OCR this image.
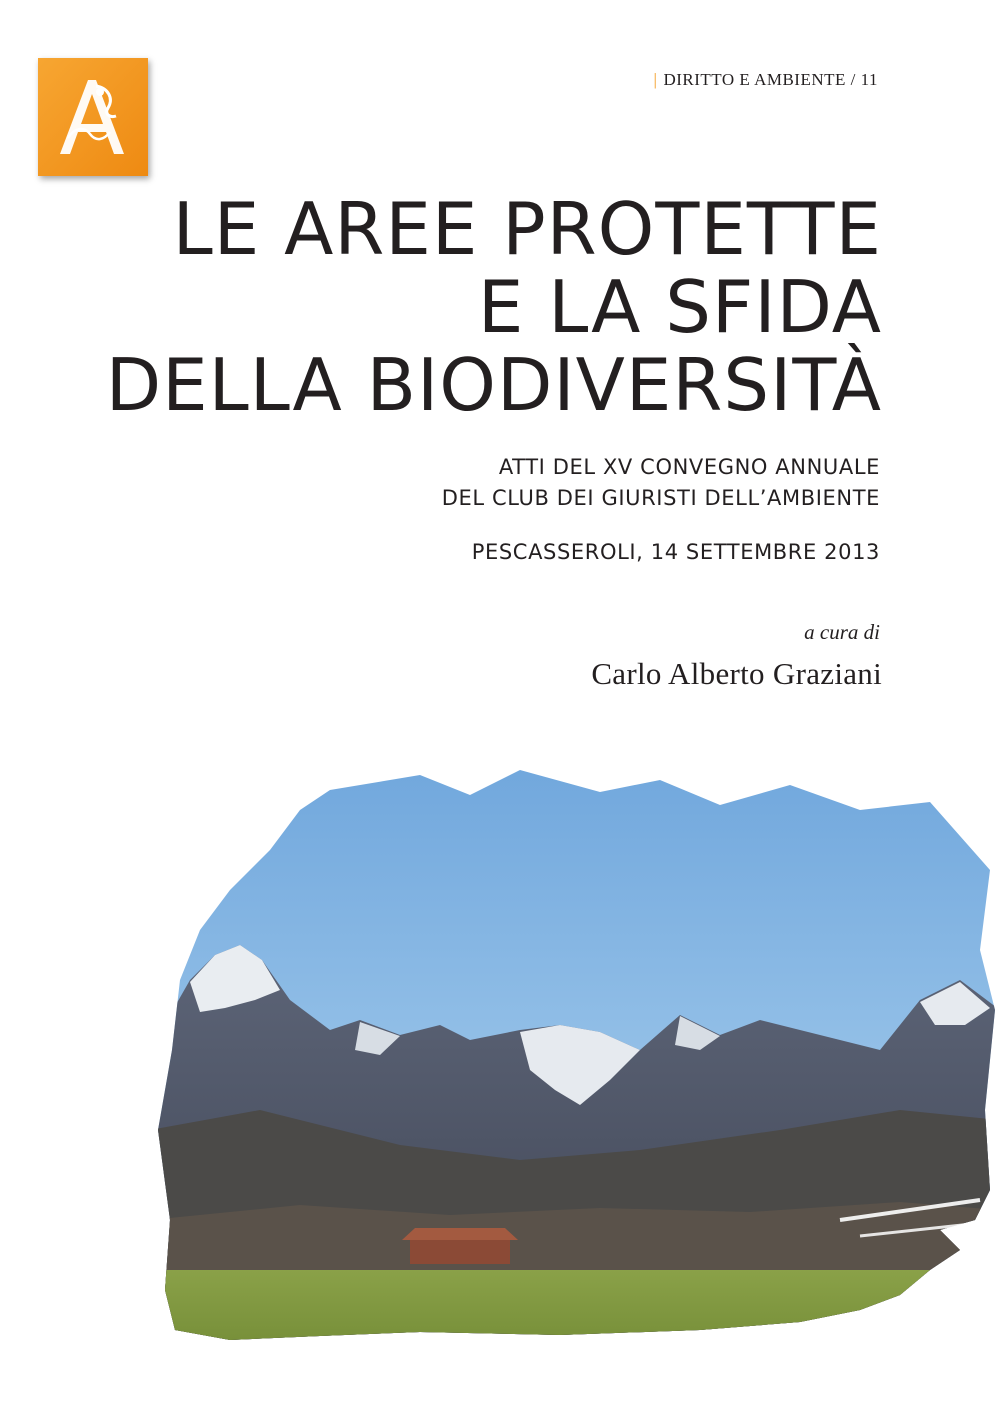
| DIRITTO E AMBIENTE / 11
LE AREE PROTETTE
E LA SFIDA
DELLA BIODIVERSITÀ
ATTI DEL XV CONVEGNO ANNUALE
DEL CLUB DEI GIURISTI DELL’AMBIENTE
PESCASSEROLI, 14 SETTEMBRE 2013
a cura di
Carlo Alberto Graziani
